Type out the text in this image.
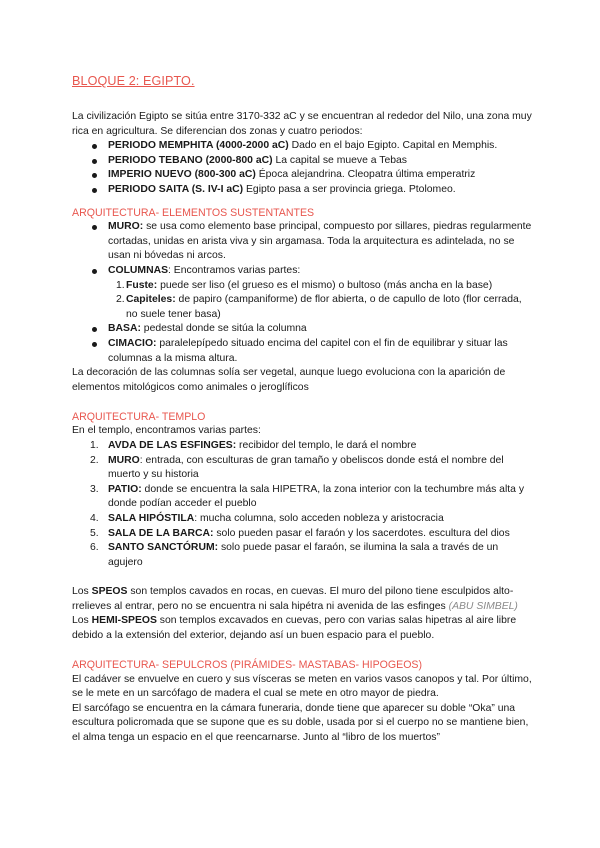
BLOQUE 2: EGIPTO.

La civilización Egipto se sitúa entre 3170-332 aC y se encuentran al rededor del Nilo, una zona muy rica en agricultura. Se diferencian dos zonas y cuatro periodos:

PERIODO MEMPHITA (4000-2000 aC) Dado en el bajo Egipto. Capital en Memphis.
PERIODO TEBANO (2000-800 aC) La capital se mueve a Tebas
IMPERIO NUEVO (800-300 aC) Época alejandrina. Cleopatra última emperatriz
PERIODO SAITA (S. IV-I aC) Egipto pasa a ser provincia griega. Ptolomeo.
ARQUITECTURA- ELEMENTOS SUSTENTANTES
MURO: se usa como elemento base principal, compuesto por sillares, piedras regularmente cortadas, unidas en arista viva y sin argamasa. Toda la arquitectura es adintelada, no se usan ni bóvedas ni arcos.
COLUMNAS: Encontramos varias partes:
1. Fuste: puede ser liso (el grueso es el mismo) o bultoso (más ancha en la base)
2. Capiteles: de papiro (campaniforme) de flor abierta, o de capullo de loto (flor cerrada, no suele tener basa)
BASA: pedestal donde se sitúa la columna
CIMACIO: paralelepípedo situado encima del capitel con el fin de equilibrar y situar las columnas a la misma altura.

La decoración de las columnas solía ser vegetal, aunque luego evoluciona con la aparición de elementos mitológicos como animales o jeroglíficos

ARQUITECTURA- TEMPLO

En el templo, encontramos varias partes:

1. AVDA DE LAS ESFINGES: recibidor del templo, le dará el nombre
2. MURO: entrada, con esculturas de gran tamaño y obeliscos donde está el nombre del muerto y su historia
3. PATIO: donde se encuentra la sala HIPETRA, la zona interior con la techumbre más alta y donde podían acceder el pueblo
4. SALA HIPÓSTILA: mucha columna, solo acceden nobleza y aristocracia
5. SALA DE LA BARCA: solo pueden pasar el faraón y los sacerdotes. escultura del dios
6. SANTO SANCTÓRUM: solo puede pasar el faraón, se ilumina la sala a través de un agujero

Los SPEOS son templos cavados en rocas, en cuevas. El muro del pilono tiene esculpidos alto-rrelieves al entrar, pero no se encuentra ni sala hipétra ni avenida de las esfinges (ABU SIMBEL)

Los HEMI-SPEOS son templos excavados en cuevas, pero con varias salas hipetras al aire libre debido a la extensión del exterior, dejando así un buen espacio para el pueblo.

ARQUITECTURA- SEPULCROS (PIRÁMIDES- MASTABAS- HIPOGEOS)

El cadáver se envuelve en cuero y sus vísceras se meten en varios vasos canopos y tal. Por último, se le mete en un sarcófago de madera el cual se mete en otro mayor de piedra.

El sarcófago se encuentra en la cámara funeraria, donde tiene que aparecer su doble “Oka” una escultura policromada que se supone que es su doble, usada por si el cuerpo no se mantiene bien, el alma tenga un espacio en el que reencarnarse. Junto al “libro de los muertos”
